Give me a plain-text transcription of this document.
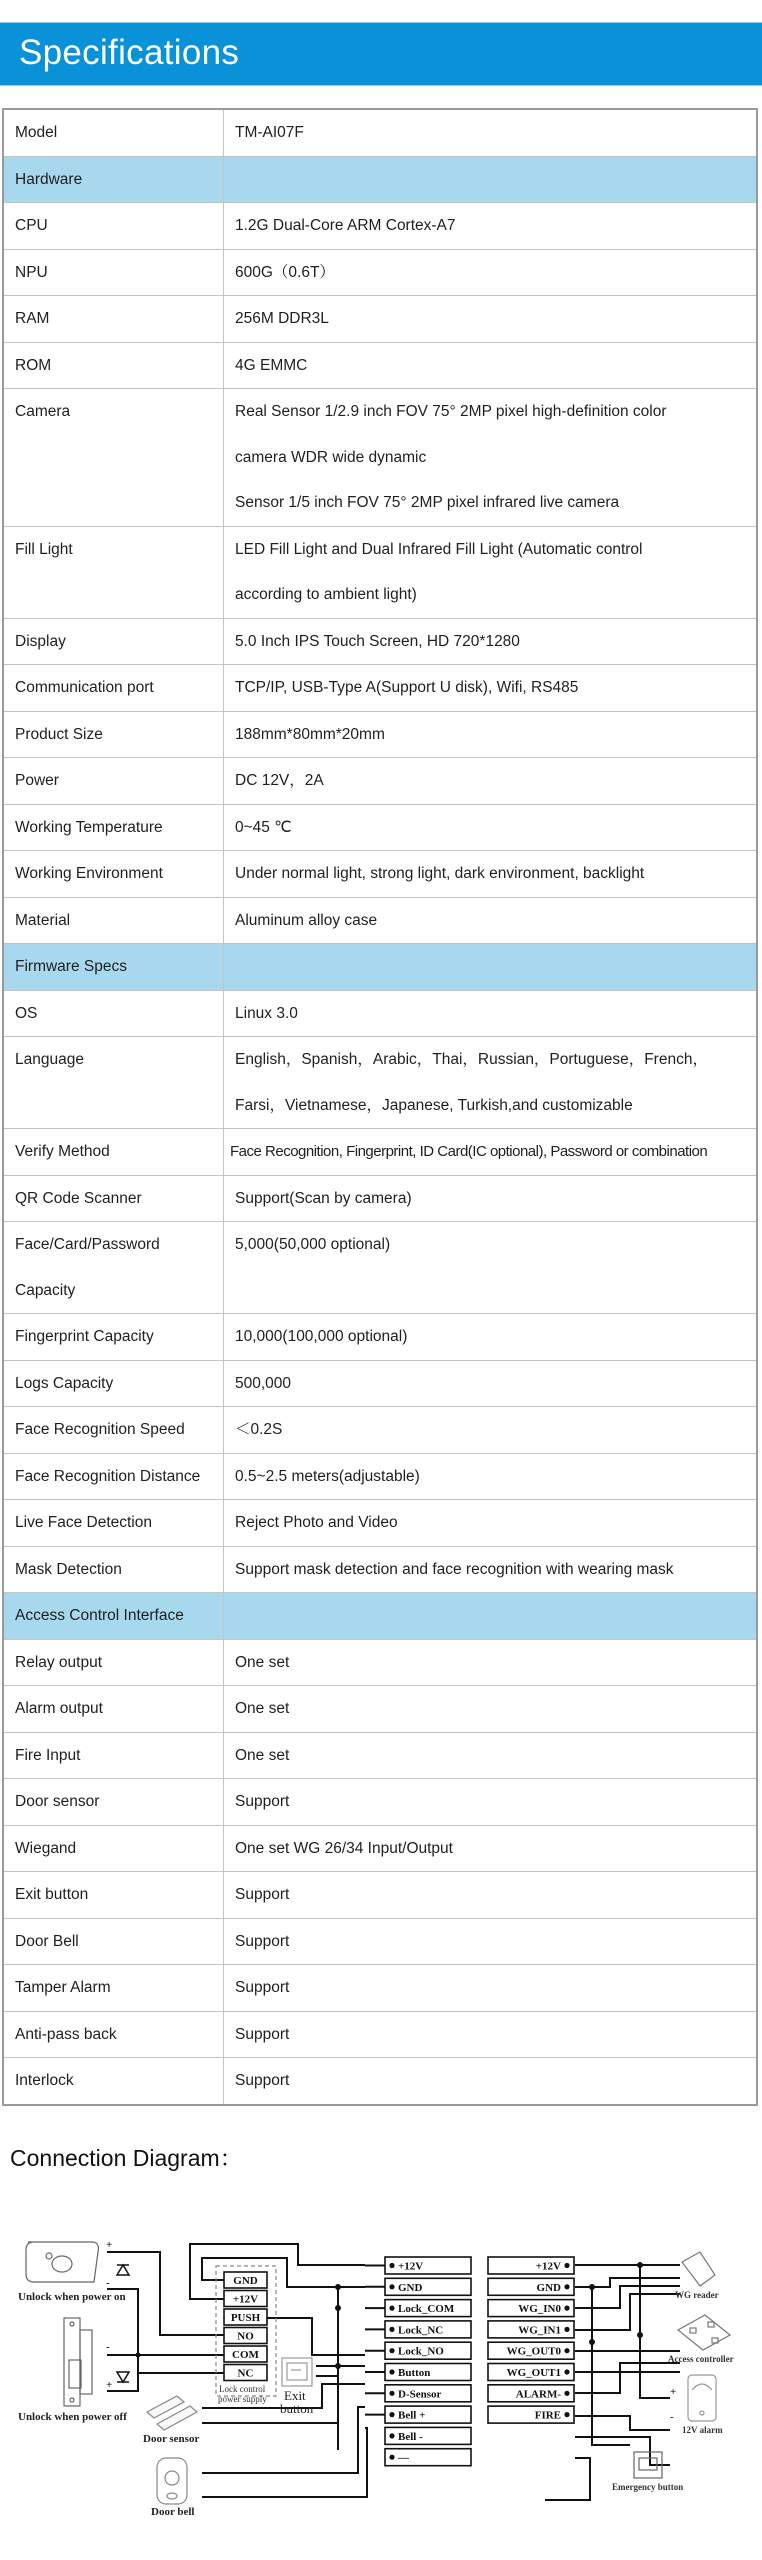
Specifications
Model	TM-AI07F
Hardware	
CPU	1.2G Dual-Core ARM Cortex-A7
NPU	600G（0.6T）
RAM	256M DDR3L
ROM	4G EMMC
Camera	Real Sensor 1/2.9 inch FOV 75° 2MP pixel high-definition color
camera WDR wide dynamic
Sensor 1/5 inch FOV 75° 2MP pixel infrared live camera

Fill Light	LED Fill Light and Dual Infrared Fill Light (Automatic control
according to ambient light)

Display	5.0 Inch IPS Touch Screen, HD 720*1280
Communication port	TCP/IP, USB-Type A(Support U disk), Wifi, RS485
Product Size	188mm*80mm*20mm
Power	DC 12V，2A
Working Temperature	0~45 ℃
Working Environment	Under normal light, strong light, dark environment, backlight
Material	Aluminum alloy case
Firmware Specs	
OS	Linux 3.0
Language	English，Spanish，Arabic，Thai，Russian，Portuguese，French，
Farsi，Vietnamese，Japanese, Turkish,and customizable

Verify Method	Face Recognition, Fingerprint, ID Card(IC optional), Password or combination
QR Code Scanner	Support(Scan by camera)

Face/Card/Password
Capacity	5,000(50,000 optional)
Fingerprint Capacity	10,000(100,000 optional)
Logs Capacity	500,000
Face Recognition Speed	＜0.2S
Face Recognition Distance	0.5~2.5 meters(adjustable)
Live Face Detection	Reject Photo and Video
Mask Detection	Support mask detection and face recognition with wearing mask
Access Control Interface	
Relay output	One set
Alarm output	One set
Fire Input	One set
Door sensor	Support
Wiegand	One set WG 26/34 Input/Output
Exit button	Support
Door Bell	Support
Tamper Alarm	Support
Anti-pass back	Support
Interlock	Support
Connection Diagram：
Unlock when power on
+
-
-
+
Unlock when power off
GND
+12V
PUSH
NO
COM
NC
Lock control
power supply Exit
button
Door sensor
Door bell
+12V
GND
Lock_COM
Lock_NC
Lock_NO
Button
D-Sensor
Bell +
Bell -
—
+12V
GND
WG_IN0
WG_IN1
WG_OUT0
WG_OUT1
ALARM-
FIRE
WG reader
Access controller
+
-
12V alarm
Emergency button
